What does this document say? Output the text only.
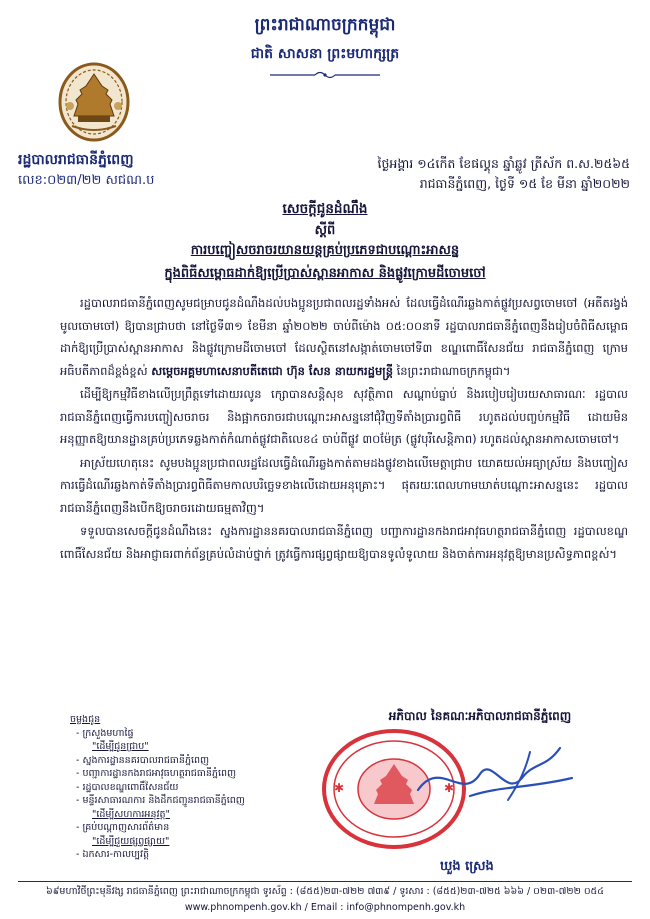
ព្រះរាជាណាចក្រកម្ពុជា
ជាតិ សាសនា ព្រះមហាក្សត្រ
រដ្ឋបាលរាជធានីភ្នំពេញ
លេខ:០២៣/២២ សជណ.ប
ថ្ងៃអង្គារ ១៤កើត ខែផល្គុន ឆ្នាំឆ្លូវ ត្រីស័ក ព.ស.២៥៦៥
រាជធានីភ្នំពេញ, ថ្ងៃទី ១៥ ខែ មីនា ឆ្នាំ២០២២
សេចក្តីជូនដំណឹង
ស្តីពី
ការបញ្ចៀសចរាចរយានយន្តគ្រប់ប្រភេទជាបណ្តោះអាសន្ន
ក្នុងពិធីសម្ពោធដាក់ឱ្យប្រើប្រាស់ស្ពានអាកាស និងផ្លូវក្រោមដីចោមចៅ

រដ្ឋបាលរាជធានីភ្នំពេញសូមជម្រាបជូនដំណឹងដល់បងប្អូនប្រជាពលរដ្ឋទាំងអស់ ដែលធ្វើដំណើរឆ្លងកាត់ផ្លូវប្រសព្វចោមចៅ (អតីតរង្វង់មូលចោមចៅ) ឱ្យបានជ្រាបថា នៅថ្ងៃទី៣១ ខែមីនា ឆ្នាំ២០២២ ចាប់ពីម៉ោង ០៥:០០នាទី រដ្ឋបាលរាជធានីភ្នំពេញនឹងរៀបចំពិធីសម្ពោធដាក់ឱ្យប្រើប្រាស់ស្ពានអាកាស និងផ្លូវក្រោមដីចោមចៅ ដែលស្ថិតនៅសង្កាត់ចោមចៅទី៣ ខណ្ឌពោធិ៍សែនជ័យ រាជធានីភ្នំពេញ ក្រោមអធិបតីភាពដ៏ខ្ពង់ខ្ពស់ សម្តេចអគ្គមហាសេនាបតីតេជោ ហ៊ុន សែន នាយករដ្ឋមន្ត្រី នៃព្រះរាជាណាចក្រកម្ពុជា។

ដើម្បីឱ្យកម្មវិធីខាងលើប្រព្រឹត្តទៅដោយរលូន ក្សោបានសន្តិសុខ សុវត្ថិភាព សណ្តាប់ធ្នាប់ និងរបៀបរៀបរយសាធារណៈ រដ្ឋបាលរាជធានីភ្នំពេញធ្វើការបញ្ចៀសចរាចរ និងផ្អាកចរាចរជាបណ្តោះអាសន្ននៅជុំវិញទីតាំងប្រារព្ធពិធី រហូតដល់បញ្ចប់កម្មវិធី ដោយមិនអនុញ្ញាតឱ្យយានដ្ឋានគ្រប់ប្រភេទឆ្លងកាត់កំណាត់ផ្លូវជាតិលេខ៤ ចាប់ពីផ្លូវ ៣០ម៉ែត្រ (ផ្លូវបុរីសេន្តិភាព) រហូតដល់ស្ពានអាកាសចោមចៅ។

អាស្រ័យហេតុនេះ សូមបងប្អូនប្រជាពលរដ្ឋដែលធ្វើដំណើរឆ្លងកាត់តាមដងផ្លូវខាងលើមេត្តាជ្រាប យោគយល់អធ្យាស្រ័យ និងបញ្ចៀសការធ្វើដំណើរឆ្លងកាត់ទីតាំងប្រារព្ធពិធីតាមកាលបរិច្ឆេទខាងលើដោយអនុគ្រោះ។ ផុតរយៈពេលហាមឃាត់បណ្តោះអាសន្ននេះ រដ្ឋបាលរាជធានីភ្នំពេញនឹងបើកឱ្យចរាចរដោយធម្មតាវិញ។

ទទួលបានសេចក្តីជូនដំណឹងនេះ ស្នងការដ្ឋាននគរបាលរាជធានីភ្នំពេញ បញ្ជាការដ្ឋានកងរាជអាវុធហត្ថរាជធានីភ្នំពេញ រដ្ឋបាលខណ្ឌពោធិ៍សែនជ័យ និងអាជ្ញាធរពាក់ព័ន្ធគ្រប់លំដាប់ថ្នាក់ ត្រូវធ្វើការផ្សព្វផ្សាយឱ្យបានទូលំទូលាយ និងចាត់ការអនុវត្តឱ្យមានប្រសិទ្ធភាពខ្ពស់។

អភិបាល នៃគណៈអភិបាលរាជធានីភ្នំពេញ
✱	✱
ឃួង ស្រេង
ចម្លងជូន
- ក្រសួងមហាផ្ទៃ
"ដើម្បីជូនជ្រាប"
- ស្នងការដ្ឋាននគរបាលរាជធានីភ្នំពេញ
- បញ្ជាការដ្ឋានកងរាជអាវុធហត្ថរាជធានីភ្នំពេញ
- រដ្ឋបាលខណ្ឌពោធិ៍សែនជ័យ
- មន្ទីរសាធារណការ និងដឹកជញ្ជូនរាជធានីភ្នំពេញ
"ដើម្បីសហការអនុវត្ត"
- គ្រប់បណ្តាញសារព័ត៌មាន
"ដើម្បីជួយផ្សព្វផ្សាយ"
- ឯកសារ-កាលប្បវត្តិ
៦៩មហាវិថីព្រះមុនីវង្ស រាជធានីភ្នំពេញ ព្រះរាជាណាចក្រកម្ពុជា ទូរស័ព្ទ : (៨៥៥)២៣-៧២២ ៧៣៩ / ទូរសារ : (៨៥៥)២៣-៧២៥ ៦៦៦ / ០២៣-៧២២ ០៥៤
www.phnompenh.gov.kh / Email : info@phnompenh.gov.kh
